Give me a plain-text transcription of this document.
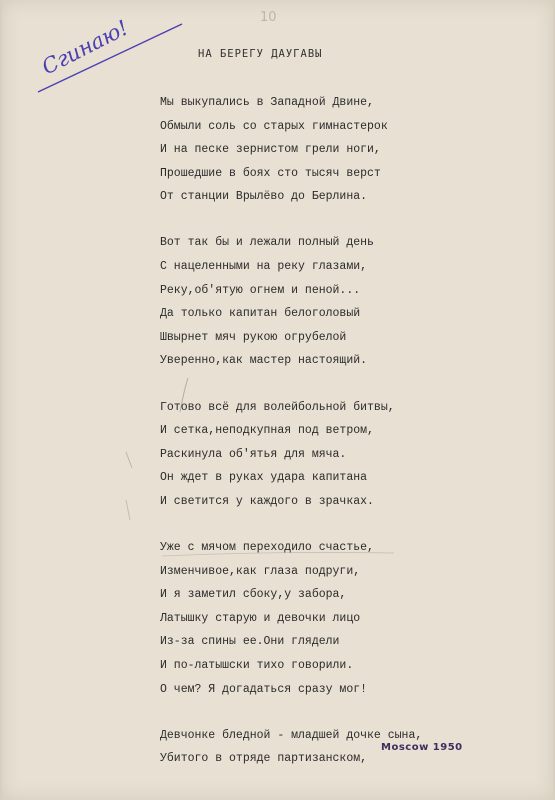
Сгинаю!	10
НА БЕРЕГУ ДАУГАВЫ
Мы выкупались в Западной Двине,
Обмыли соль со старых гимнастерок
И на песке зернистом грели ноги,
Прошедшие в боях сто тысяч верст
От станции Врылёво до Берлина.
Вот так бы и лежали полный день
С нацеленными на реку глазами,
Реку,об'ятую огнем и пеной...
Да только капитан белоголовый
Швырнет мяч рукою огрубелой
Уверенно,как мастер настоящий.
Готово всё для волейбольной битвы,
И сетка,неподкупная под ветром,
Раскинула об'ятья для мяча.
Он ждет в руках удара капитана
И светится у каждого в зрачках.
Уже с мячом переходило счастье,
Изменчивое,как глаза подруги,
И я заметил сбоку,у забора,
Латышку старую и девочки лицо
Из-за спины ее.Они глядели
И по-латышски тихо говорили.
О чем? Я догадаться сразу мог!
Девчонке бледной - младшей дочке сына,
Убитого в отряде партизанском,
Moscow 1950
